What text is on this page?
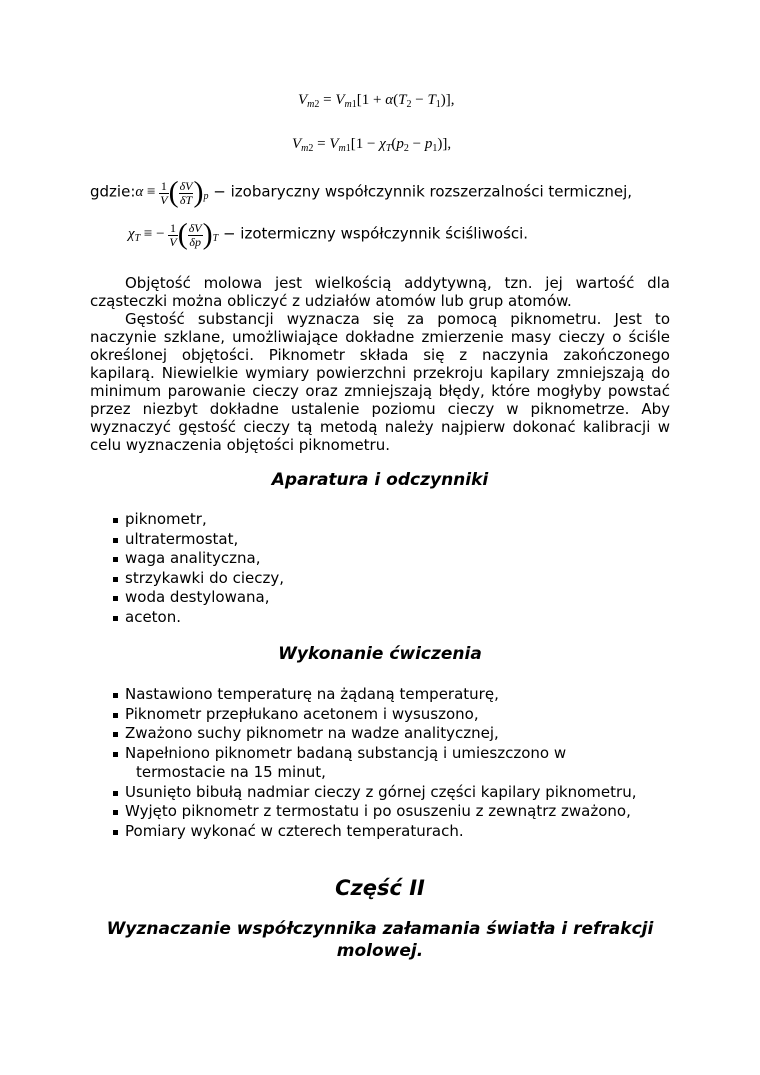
$V_{m2} = V_{m1}[1 + \alpha(T_2 - T_1)]$,
$V_{m2} = V_{m1}[1 - \chi_T(p_2 - p_1)]$,
gdzie:α ≡ $\frac{1}{V}$ ( $\frac{\delta V}{\delta T} )_p$ − izobaryczny współczynnik rozszerzalności termicznej,
$\chi_T$ ≡ − $\frac{1}{V}$ ( $\frac{\delta V}{\delta p} )_T$ − izotermiczny współczynnik ściśliwości.
Objętość molowa jest wielkością addytywną, tzn. jej wartość dla
cząsteczki można obliczyć z udziałów atomów lub grup atomów.
Gęstość substancji wyznacza się za pomocą piknometru. Jest to
naczynie szklane, umożliwiające dokładne zmierzenie masy cieczy o ściśle
określonej objętości. Piknometr składa się z naczynia zakończonego
kapilarą. Niewielkie wymiary powierzchni przekroju kapilary zmniejszają do
minimum parowanie cieczy oraz zmniejszają błędy, które mogłyby powstać
przez niezbyt dokładne ustalenie poziomu cieczy w piknometrze. Aby
wyznaczyć gęstość cieczy tą metodą należy najpierw dokonać kalibracji w
celu wyznaczenia objętości piknometru.
Aparatura i odczynniki
piknometr,
ultratermostat,
waga analityczna,
strzykawki do cieczy,
woda destylowana,
aceton.
Wykonanie ćwiczenia
Nastawiono temperaturę na żądaną temperaturę,
Piknometr przepłukano acetonem i wysuszono,
Zważono suchy piknometr na wadze analitycznej,
Napełniono piknometr badaną substancją i umieszczono w
termostacie na 15 minut,
Usunięto bibułą nadmiar cieczy z górnej części kapilary piknometru,
Wyjęto piknometr z termostatu i po osuszeniu z zewnątrz zważono,
Pomiary wykonać w czterech temperaturach.
Część II
Wyznaczanie współczynnika załamania światła i refrakcji
molowej.
